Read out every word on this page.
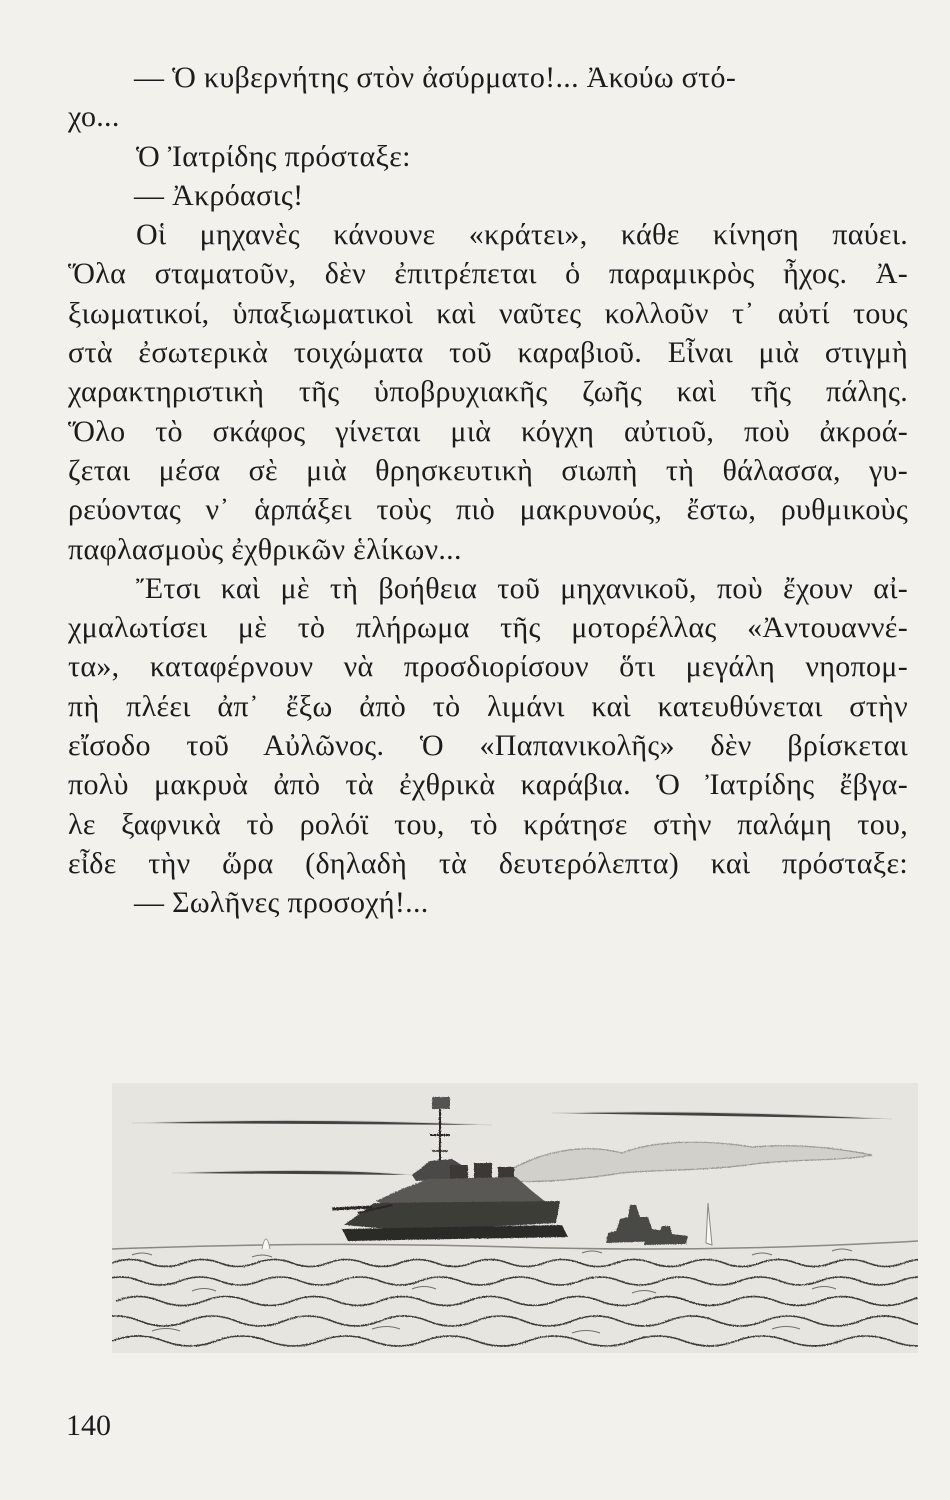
— Ὁ κυβερνήτης στὸν ἀσύρματο!... Ἀκούω στό-
χο...
Ὁ Ἰατρίδης πρόσταξε:
— Ἀκρόασις!
Οἱ μηχανὲς κάνουνε «κράτει», κάθε κίνηση παύει.
Ὅλα σταματοῦν, δὲν ἐπιτρέπεται ὁ παραμικρὸς ἦχος. Ἀ-
ξιωματικοί, ὑπαξιωματικοὶ καὶ ναῦτες κολλοῦν τ᾽ αὐτί τους
στὰ ἐσωτερικὰ τοιχώματα τοῦ καραβιοῦ. Εἶναι μιὰ στιγμὴ
χαρακτηριστικὴ τῆς ὑποβρυχιακῆς ζωῆς καὶ τῆς πάλης.
Ὅλο τὸ σκάφος γίνεται μιὰ κόγχη αὐτιοῦ, ποὺ ἀκροά-
ζεται μέσα σὲ μιὰ θρησκευτικὴ σιωπὴ τὴ θάλασσα, γυ-
ρεύοντας ν᾽ ἁρπάξει τοὺς πιὸ μακρυνούς, ἔστω, ρυθμικοὺς
παφλασμοὺς ἐχθρικῶν ἑλίκων...
Ἔτσι καὶ μὲ τὴ βοήθεια τοῦ μηχανικοῦ, ποὺ ἔχουν αἰ-
χμαλωτίσει μὲ τὸ πλήρωμα τῆς μοτορέλλας «Ἀντουαννέ-
τα», καταφέρνουν νὰ προσδιορίσουν ὅτι μεγάλη νηοπομ-
πὴ πλέει ἀπ᾽ ἔξω ἀπὸ τὸ λιμάνι καὶ κατευθύνεται στὴν
εἴσοδο τοῦ Αὐλῶνος. Ὁ «Παπανικολῆς» δὲν βρίσκεται
πολὺ μακρυὰ ἀπὸ τὰ ἐχθρικὰ καράβια. Ὁ Ἰατρίδης ἔβγα-
λε ξαφνικὰ τὸ ρολόϊ του, τὸ κράτησε στὴν παλάμη του,
εἶδε τὴν ὥρα (δηλαδὴ τὰ δευτερόλεπτα) καὶ πρόσταξε:
— Σωλῆνες προσοχή!...
140
